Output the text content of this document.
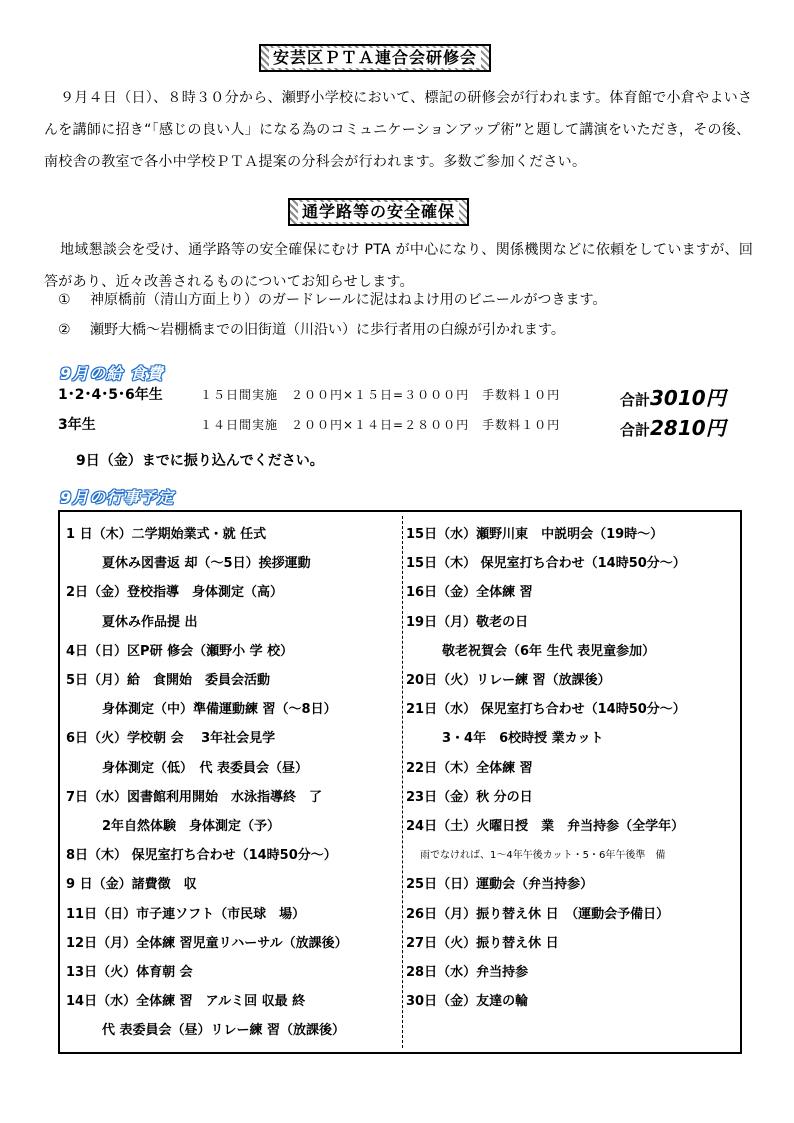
安芸区ＰＴＡ連合会研修会
９月４日（日）、８時３０分から、瀬野小学校において、標記の研修会が行われます。体育館で小倉やよいさんを講師に招き“「感じの良い人」になる為のコミュニケーションアップ術”と題して講演をいただき，その後、南校舎の教室で各小中学校ＰＴＡ提案の分科会が行われます。多数ご参加ください。
通学路等の安全確保
地域懇談会を受け、通学路等の安全確保にむけ PTA が中心になり、関係機関などに依頼をしていますが、回答があり、近々改善されるものについてお知らせします。
① 神原橋前（清山方面上り）のガードレールに泥はねよけ用のビニールがつきます。
② 瀬野大橋～岩棚橋までの旧街道（川沿い）に歩行者用の白線が引かれます。
9月の給 食費
1･2･4･5･6年生	１５日間実施　２００円×１５日=３０００円　手数料１０円	合計3010円
3年生	１４日間実施　２００円×１４日=２８００円　手数料１０円	合計2810円
9日（金）までに振り込んでください。
9月の行事予定
1 日（木）二学期始業式・就 任式
夏休み図書返 却（～5日）挨拶運動
2日（金）登校指導　身体測定（高）
夏休み作品提 出
4日（日）区P研 修会（瀬野小 学 校）
5日（月）給　食開始　委員会活動
身体測定（中）準備運動練 習（～8日）
6日（火）学校朝 会　 3年社会見学
身体測定（低）　代 表委員会（昼）
7日（水）図書館利用開始　水泳指導終　了
2年自然体験　身体測定（予）
8日（木） 保児室打ち合わせ（14時50分～）
9 日（金）諸費徴　収
11日（日）市子連ソフト（市民球　場）
12日（月）全体練 習児童リハーサル（放課後）
13日（火）体育朝 会
14日（水）全体練 習　アルミ回 収最 終
代 表委員会（昼）リレー練 習（放課後）
15日（水）瀬野川東　中説明会（19時～）
15日（木） 保児室打ち合わせ（14時50分～）
16日（金）全体練 習
19日（月）敬老の日
敬老祝賀会（6年 生代 表児童参加）
20日（火）リレー練 習（放課後）
21日（水） 保児室打ち合わせ（14時50分～）
3・4年　6校時授 業カット
22日（木）全体練 習
23日（金）秋 分の日
24日（土）火曜日授　業　弁当持参（全学年）
雨でなければ、1～4年午後カット・5・6年午後準　備
25日（日）運動会（弁当持参）
26日（月）振り替え休 日　（運動会予備日）
27日（火）振り替え休 日
28日（水）弁当持参
30日（金）友達の輪
